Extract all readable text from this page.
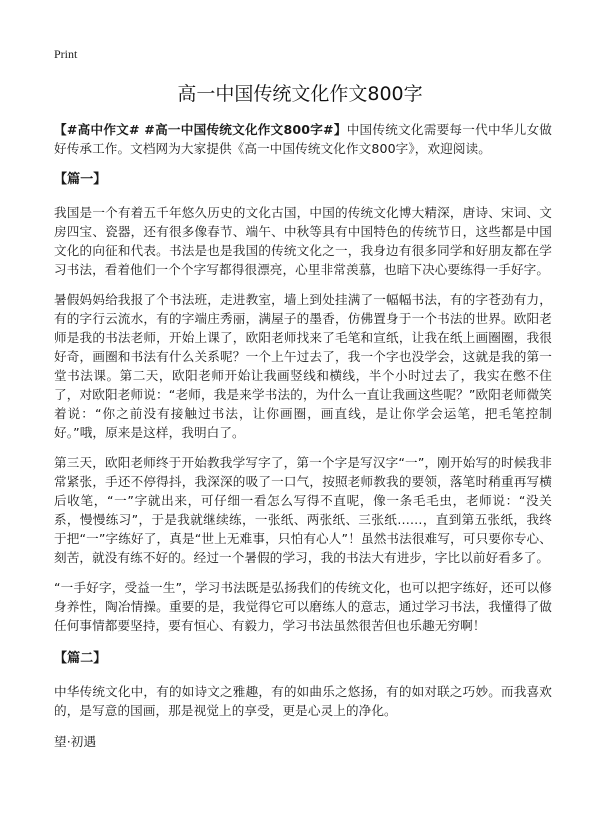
Print
高一中国传统文化作文800字

【#高中作文# #高一中国传统文化作文800字#】中国传统文化需要每一代中华儿女做好传承工作。文档网为大家提供《高一中国传统文化作文800字》，欢迎阅读。

【篇一】

我国是一个有着五千年悠久历史的文化古国，中国的传统文化博大精深，唐诗、宋词、文房四宝、瓷器，还有很多像春节、端午、中秋等具有中国特色的传统节日，这些都是中国文化的向征和代表。书法是也是我国的传统文化之一，我身边有很多同学和好朋友都在学习书法，看着他们一个个字写都得很漂亮，心里非常羡慕，也暗下决心要练得一手好字。

暑假妈妈给我报了个书法班，走进教室，墙上到处挂满了一幅幅书法，有的字苍劲有力，有的字行云流水，有的字端庄秀丽，满屋子的墨香，仿佛置身于一个书法的世界。欧阳老师是我的书法老师，开始上课了，欧阳老师找来了毛笔和宣纸，让我在纸上画圈圈，我很好奇，画圈和书法有什么关系呢？一个上午过去了，我一个字也没学会，这就是我的第一堂书法课。第二天，欧阳老师开始让我画竖线和横线，半个小时过去了，我实在憋不住了，对欧阳老师说：“老师，我是来学书法的，为什么一直让我画这些呢？”欧阳老师微笑着说：“你之前没有接触过书法，让你画圈，画直线，是让你学会运笔，把毛笔控制好。”哦，原来是这样，我明白了。

第三天，欧阳老师终于开始教我学写字了，第一个字是写汉字“一”，刚开始写的时候我非常紧张，手还不停得抖，我深深的吸了一口气，按照老师教我的要领，落笔时稍重再写横后收笔，“一”字就出来，可仔细一看怎么写得不直呢，像一条毛毛虫，老师说：“没关系，慢慢练习”，于是我就继续练，一张纸、两张纸、三张纸……，直到第五张纸，我终于把“一”字练好了，真是“世上无难事，只怕有心人”！虽然书法很难写，可只要你专心、刻苦，就没有练不好的。经过一个暑假的学习，我的书法大有进步，字比以前好看多了。

“一手好字，受益一生”，学习书法既是弘扬我们的传统文化，也可以把字练好，还可以修身养性，陶冶情操。重要的是，我觉得它可以磨练人的意志，通过学习书法，我懂得了做任何事情都要坚持，要有恒心、有毅力，学习书法虽然很苦但也乐趣无穷啊！

【篇二】

中华传统文化中，有的如诗文之雅趣，有的如曲乐之悠扬，有的如对联之巧妙。而我喜欢的，是写意的国画，那是视觉上的享受，更是心灵上的净化。

望·初遇
